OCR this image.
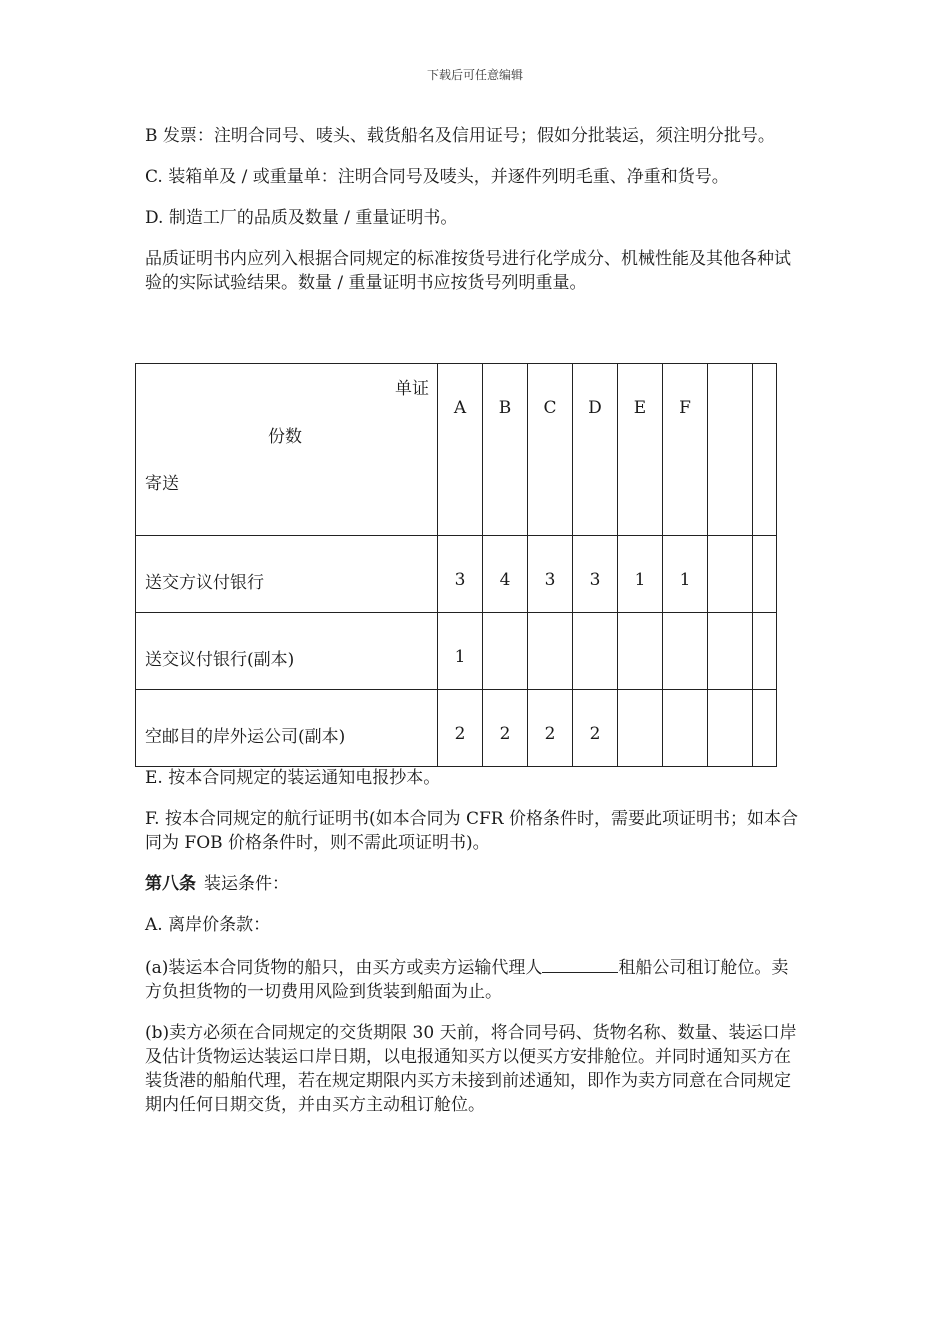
下载后可任意编辑

B 发票：注明合同号、唛头、载货船名及信用证号；假如分批装运，须注明分批号。

C. 装箱单及 / 或重量单：注明合同号及唛头，并逐件列明毛重、净重和货号。

D. 制造工厂的品质及数量 / 重量证明书。

品质证明书内应列入根据合同规定的标准按货号进行化学成分、机械性能及其他各种试验的实际试验结果。数量 / 重量证明书应按货号列明重量。

单证
份数
寄送	A	B	C	D	E	F		
送交方议付银行	3	4	3	3	1	1		
送交议付银行(副本)	1							
空邮目的岸外运公司(副本)	2	2	2	2				

E. 按本合同规定的装运通知电报抄本。

F. 按本合同规定的航行证明书(如本合同为 CFR 价格条件时，需要此项证明书；如本合同为 FOB 价格条件时，则不需此项证明书)。

第八条 装运条件：

A. 离岸价条款：

(a)装运本合同货物的船只，由买方或卖方运输代理人	租船公司租订舱位。卖方负担货物的一切费用风险到货装到船面为止。

(b)卖方必须在合同规定的交货期限 30 天前，将合同号码、货物名称、数量、装运口岸及估计货物运达装运口岸日期，以电报通知买方以便买方安排舱位。并同时通知买方在装货港的船舶代理，若在规定期限内买方未接到前述通知，即作为卖方同意在合同规定期内任何日期交货，并由买方主动租订舱位。
